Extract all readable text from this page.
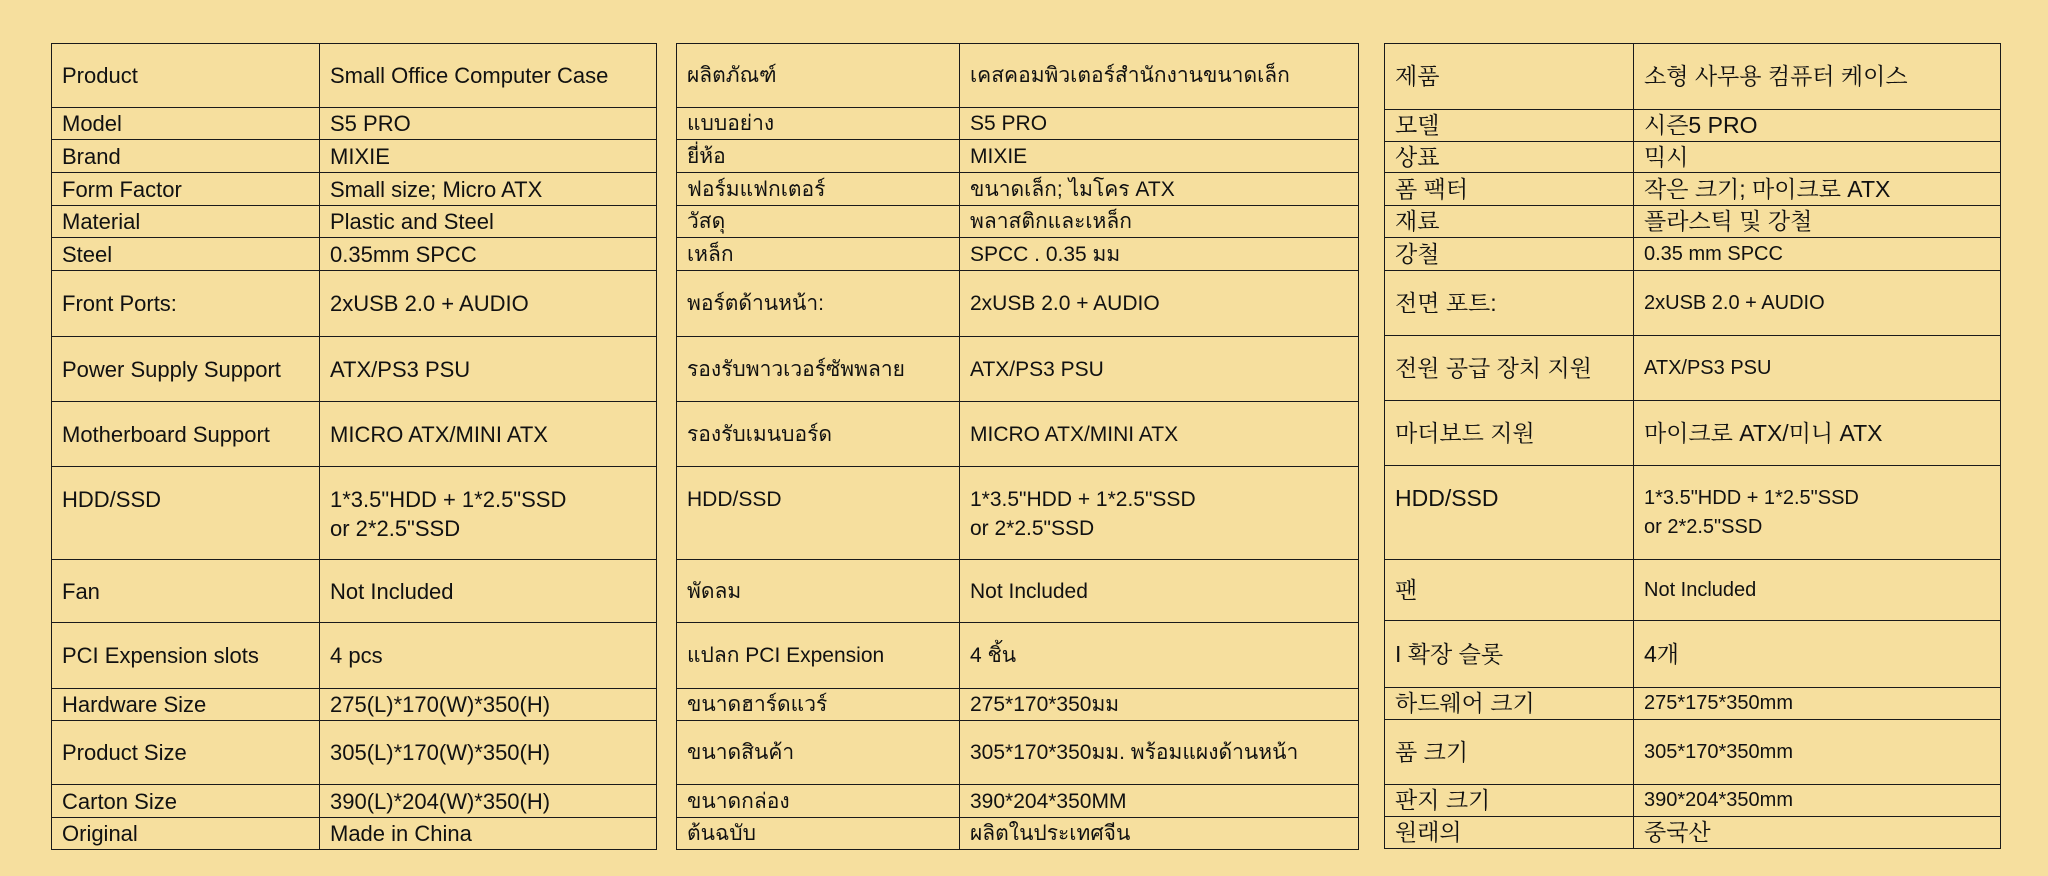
Product	Small Office Computer Case
Model	S5 PRO
Brand	MIXIE
Form Factor	Small size; Micro ATX
Material	Plastic and Steel
Steel	0.35mm SPCC
Front Ports:	2xUSB 2.0 + AUDIO
Power Supply Support	ATX/PS3 PSU
Motherboard Support	MICRO ATX/MINI ATX
HDD/SSD	1*3.5"HDD + 1*2.5"SSD
or 2*2.5"SSD
Fan	Not Included
PCI Expension slots	4 pcs
Hardware Size	275(L)*170(W)*350(H)
Product Size	305(L)*170(W)*350(H)
Carton Size	390(L)*204(W)*350(H)
Original	Made in China
ผลิตภัณฑ์	เคสคอมพิวเตอร์สำนักงานขนาดเล็ก
แบบอย่าง	S5 PRO
ยี่ห้อ	MIXIE
ฟอร์มแฟกเตอร์	ขนาดเล็ก; ไมโคร ATX
วัสดุ	พลาสติกและเหล็ก
เหล็ก	SPCC . 0.35 มม
พอร์ตด้านหน้า:	2xUSB 2.0 + AUDIO
รองรับพาวเวอร์ซัพพลาย	ATX/PS3 PSU
รองรับเมนบอร์ด	MICRO ATX/MINI ATX
HDD/SSD	1*3.5"HDD + 1*2.5"SSD
or 2*2.5"SSD
พัดลม	Not Included
แปลก PCI Expension	4 ชิ้น
ขนาดฮาร์ดแวร์	275*170*350มม
ขนาดสินค้า	305*170*350มม. พร้อมแผงด้านหน้า
ขนาดกล่อง	390*204*350MM
ต้นฉบับ	ผลิตในประเทศจีน
제품	소형 사무용 컴퓨터 케이스
모델	시즌5 PRO
상표	믹시
폼 팩터	작은 크기; 마이크로 ATX
재료	플라스틱 및 강철
강철	0.35 mm SPCC
전면 포트:	2xUSB 2.0 + AUDIO
전원 공급 장치 지원	ATX/PS3 PSU
마더보드 지원	마이크로 ATX/미니 ATX
HDD/SSD	1*3.5"HDD + 1*2.5"SSD
or 2*2.5"SSD
팬	Not Included
I 확장 슬롯	4개
하드웨어 크기	275*175*350mm
품 크기	305*170*350mm
판지 크기	390*204*350mm
원래의	중국산
